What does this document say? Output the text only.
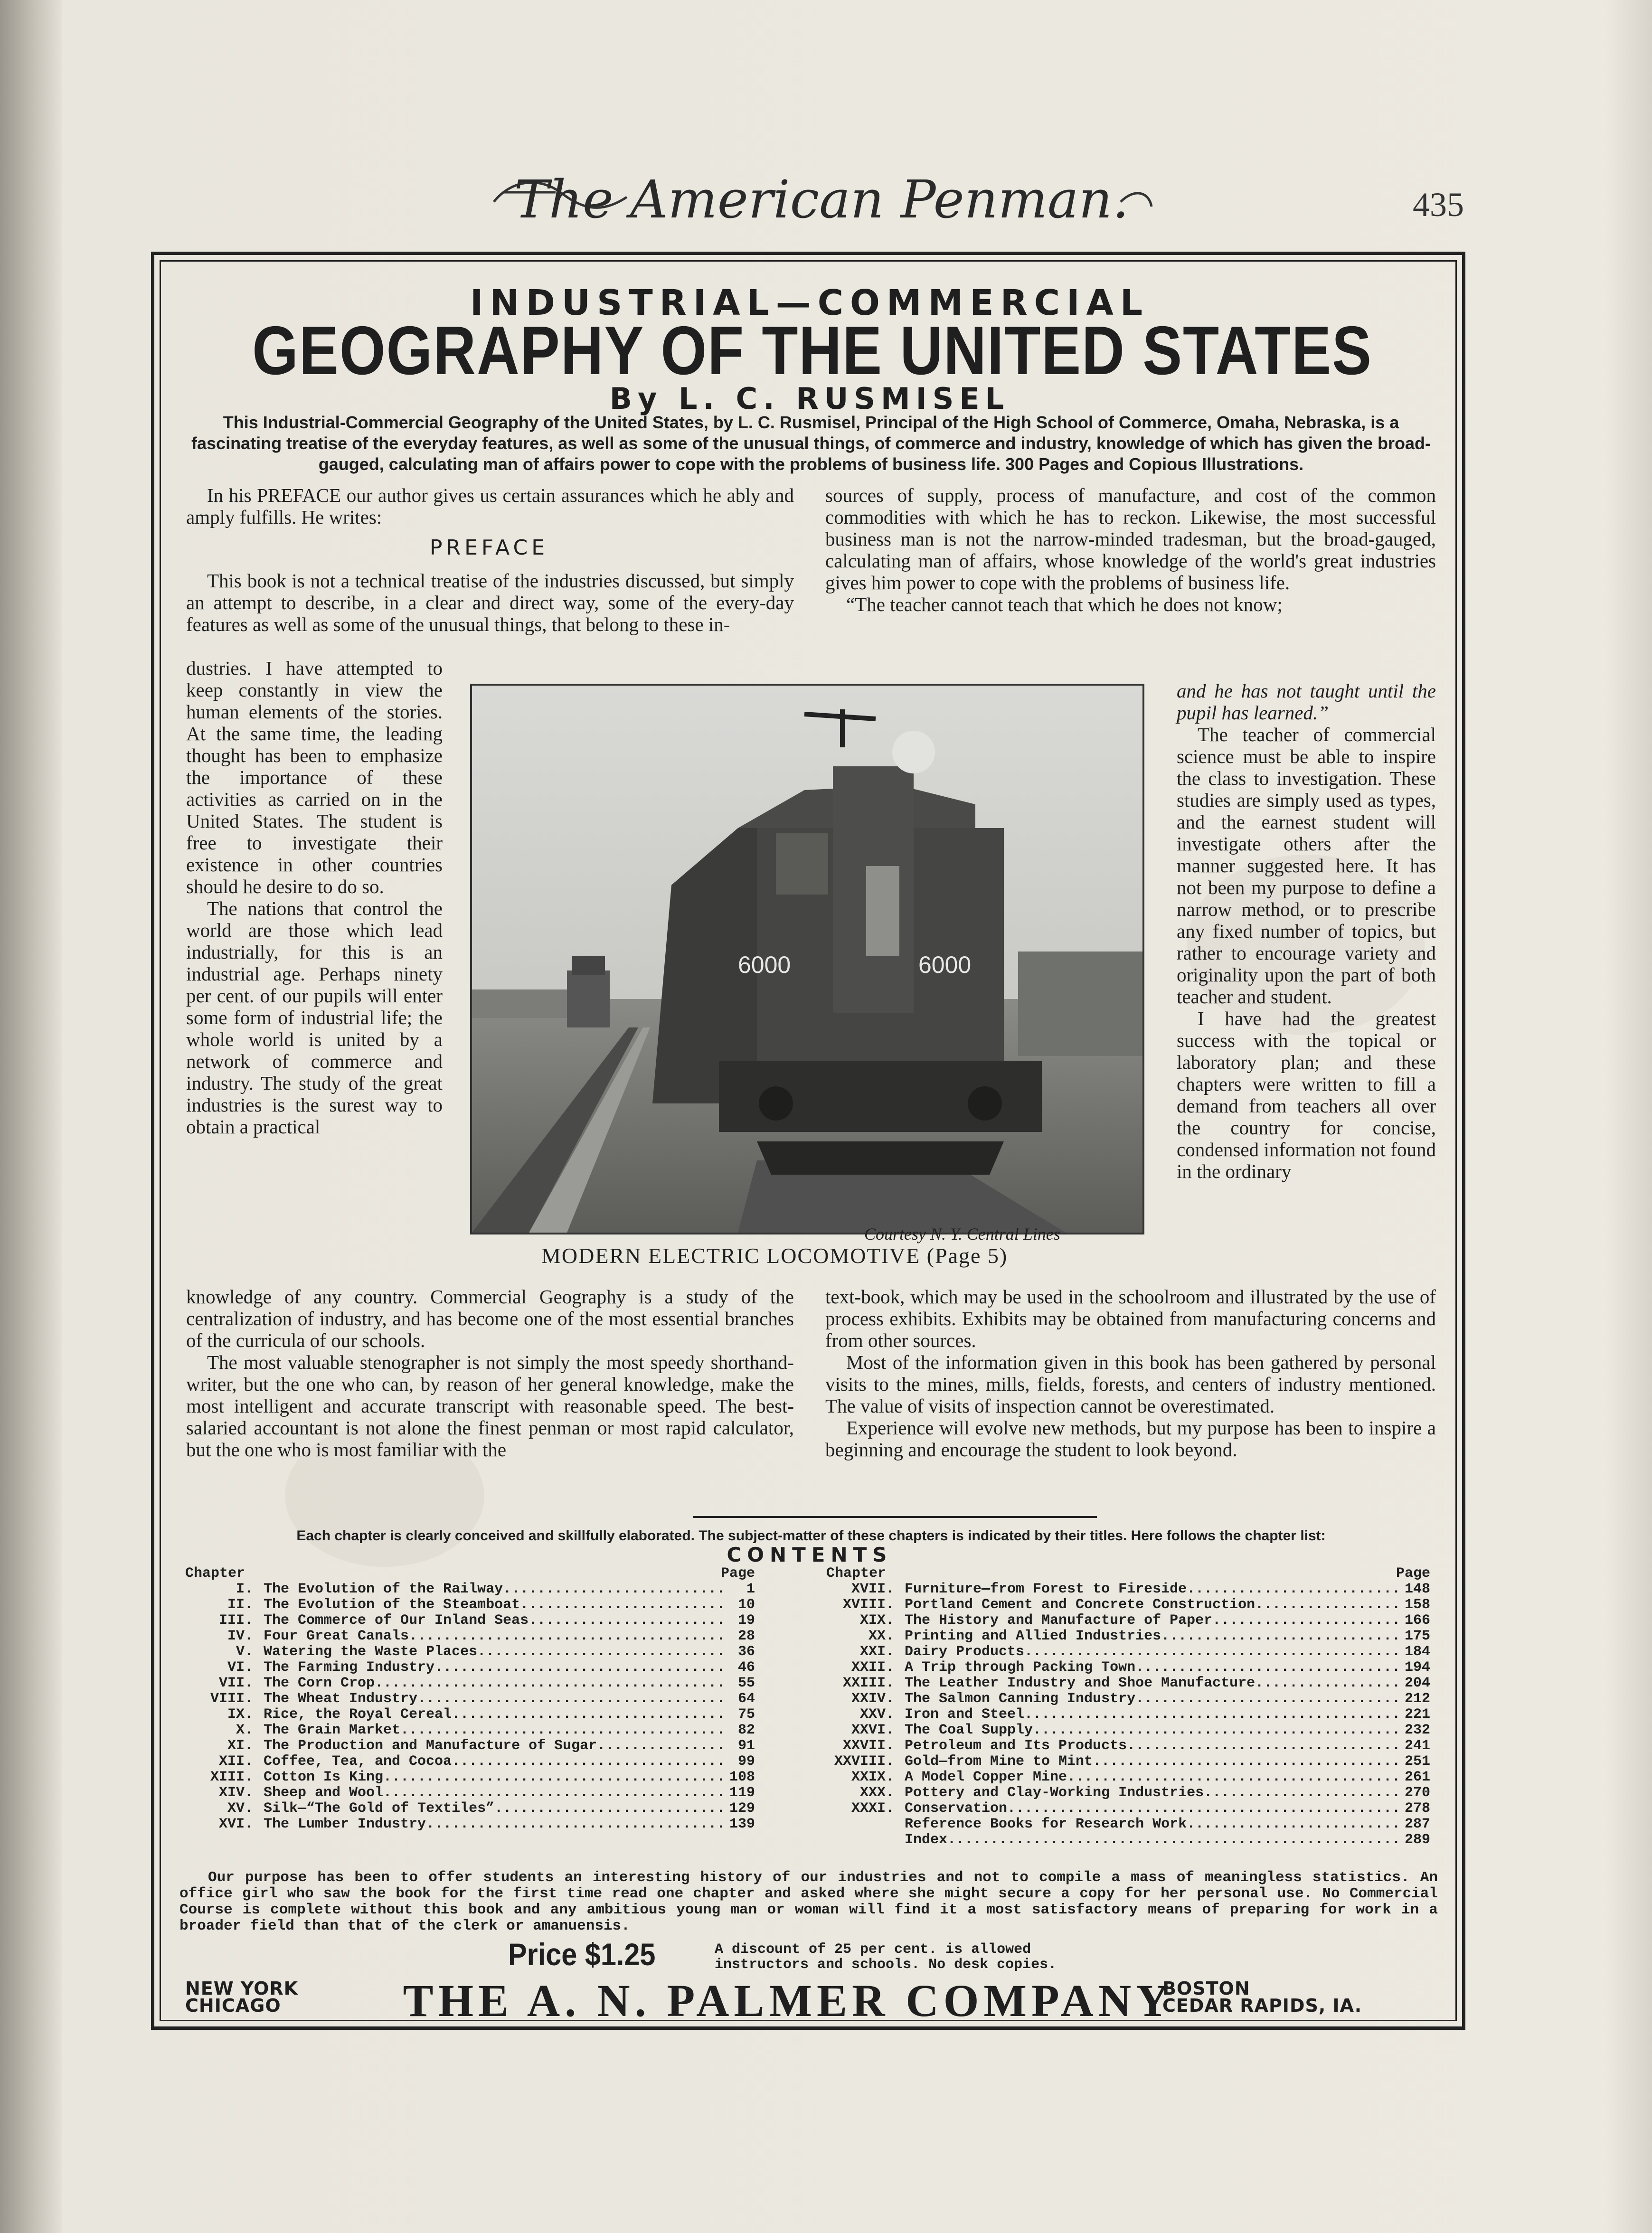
The American Penman.	435
INDUSTRIAL—COMMERCIAL
GEOGRAPHY OF THE UNITED STATES
By L. C. RUSMISEL
This Industrial-Commercial Geography of the United States, by L. C. Rusmisel, Principal of the High School of Commerce, Omaha, Nebraska, is a fascinating treatise of the everyday features, as well as some of the unusual things, of commerce and industry, knowledge of which has given the broad-gauged, calculating man of affairs power to cope with the problems of business life. 300 Pages and Copious Illustrations.

In his PREFACE our author gives us certain assurances which he ably and amply fulfills. He writes:

PREFACE

This book is not a technical treatise of the industries discussed, but simply an attempt to describe, in a clear and direct way, some of the every-day features as well as some of the unusual things, that belong to these in-

dustries. I have attempted to keep constantly in view the human elements of the stories. At the same time, the leading thought has been to emphasize the importance of these activities as carried on in the United States. The student is free to investigate their existence in other countries should he desire to do so.

The nations that control the world are those which lead industrially, for this is an industrial age. Perhaps ninety per cent. of our pupils will enter some form of industrial life; the whole world is united by a network of commerce and industry. The study of the great industries is the surest way to obtain a practical

knowledge of any country. Commercial Geography is a study of the centralization of industry, and has become one of the most essential branches of the curricula of our schools.

The most valuable stenographer is not simply the most speedy shorthand-writer, but the one who can, by reason of her general knowledge, make the most intelligent and accurate transcript with reasonable speed. The best-salaried accountant is not alone the finest penman or most rapid calculator, but the one who is most familiar with the

sources of supply, process of manufacture, and cost of the common commodities with which he has to reckon. Likewise, the most successful business man is not the narrow-minded tradesman, but the broad-gauged, calculating man of affairs, whose knowledge of the world's great industries gives him power to cope with the problems of business life.

“The teacher cannot teach that which he does not know;

and he has not taught until the pupil has learned.”

The teacher of commercial science must be able to inspire the class to investigation. These studies are simply used as types, and the earnest student will investigate others after the manner suggested here. It has not been my purpose to define a narrow method, or to prescribe any fixed number of topics, but rather to encourage variety and originality upon the part of both teacher and student.

I have had the greatest success with the topical or laboratory plan; and these chapters were written to fill a demand from teachers all over the country for concise, condensed information not found in the ordinary

text-book, which may be used in the schoolroom and illustrated by the use of process exhibits. Exhibits may be obtained from manufacturing concerns and from other sources.

Most of the information given in this book has been gathered by personal visits to the mines, mills, fields, forests, and centers of industry mentioned. The value of visits of inspection cannot be overestimated.

Experience will evolve new methods, but my purpose has been to inspire a beginning and encourage the student to look beyond.

6000	6000
Courtesy N. Y. Central Lines
MODERN ELECTRIC LOCOMOTIVE (Page 5)
Each chapter is clearly conceived and skillfully elaborated. The subject-matter of these chapters is indicated by their titles. Here follows the chapter list:
CONTENTS
Chapter	Page
I. The Evolution of the Railway .....	1
II. The Evolution of the Steamboat .....	10
III. The Commerce of Our Inland Seas .....	19
IV. Four Great Canals .....	28
V. Watering the Waste Places .....	36
VI. The Farming Industry .....	46
VII. The Corn Crop .....	55
VIII. The Wheat Industry .....	64
IX. Rice, the Royal Cereal .....	75
X. The Grain Market .....	82
XI. The Production and Manufacture of Sugar .....	91
XII. Coffee, Tea, and Cocoa .....	99
XIII. Cotton Is King .....	108
XIV. Sheep and Wool .....	119
XV. Silk—“The Gold of Textiles” .....	129
XVI. The Lumber Industry .....	139
Chapter	Page
XVII. Furniture—from Forest to Fireside .....	148
XVIII. Portland Cement and Concrete Construction .....	158
XIX. The History and Manufacture of Paper .....	166
XX. Printing and Allied Industries .....	175
XXI. Dairy Products .....	184
XXII. A Trip through Packing Town .....	194
XXIII. The Leather Industry and Shoe Manufacture .....	204
XXIV. The Salmon Canning Industry .....	212
XXV. Iron and Steel .....	221
XXVI. The Coal Supply .....	232
XXVII. Petroleum and Its Products .....	241
XXVIII. Gold—from Mine to Mint .....	251
XXIX. A Model Copper Mine .....	261
XXX. Pottery and Clay-Working Industries .....	270
XXXI. Conservation .....	278
Reference Books for Research Work .....	287
Index .....	289
Our purpose has been to offer students an interesting history of our industries and not to compile a mass of meaningless statistics. An office girl who saw the book for the first time read one chapter and asked where she might secure a copy for her personal use. No Commercial Course is complete without this book and any ambitious young man or woman will find it a most satisfactory means of preparing for work in a broader field than that of the clerk or amanuensis.
Price $1.25	A discount of 25 per cent. is allowed
instructors and schools. No desk copies.
NEW YORK
CHICAGO	THE A. N. PALMER COMPANY
BOSTON
CEDAR RAPIDS, IA.
